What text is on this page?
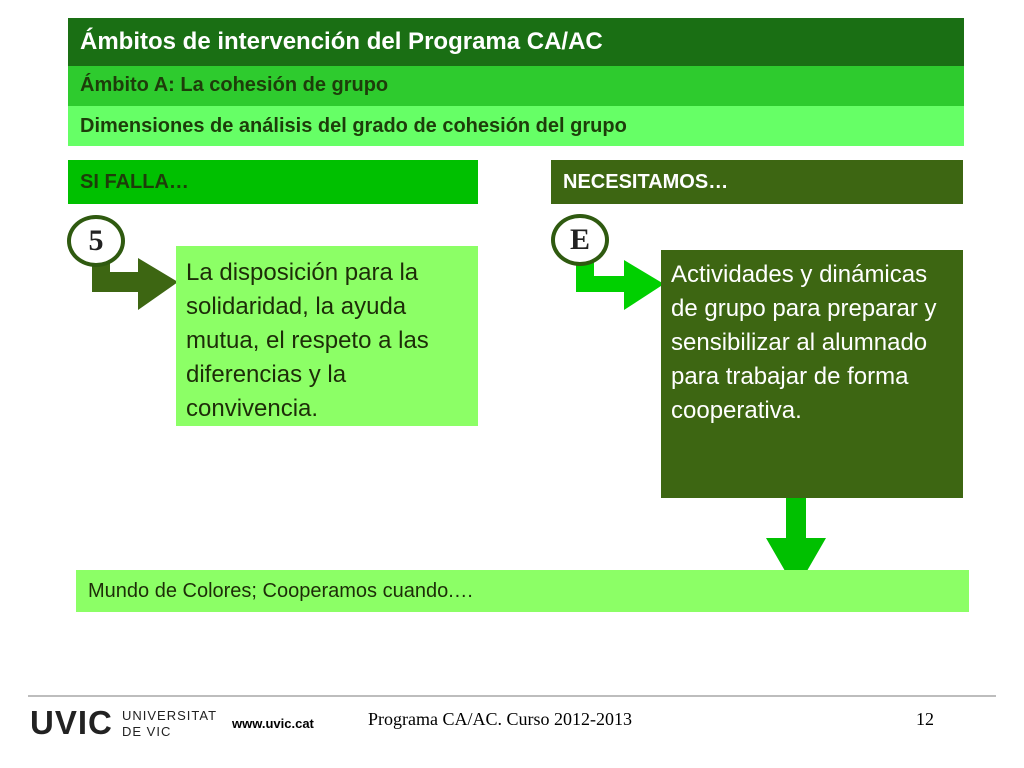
Ámbitos de intervención del Programa CA/AC
Ámbito A: La cohesión de grupo
Dimensiones de análisis del grado de cohesión del grupo
SI FALLA…	NECESITAMOS…
5	E
La disposición para la solidaridad, la ayuda mutua, el respeto a las diferencias y la convivencia.
Actividades y dinámicas de grupo para preparar y sensibilizar al alumnado para trabajar de forma cooperativa.
Mundo de Colores; Cooperamos cuando.…
UVIC UNIVERSITAT
DE VIC
www.uvic.cat	Programa CA/AC. Curso 2012-2013	12
